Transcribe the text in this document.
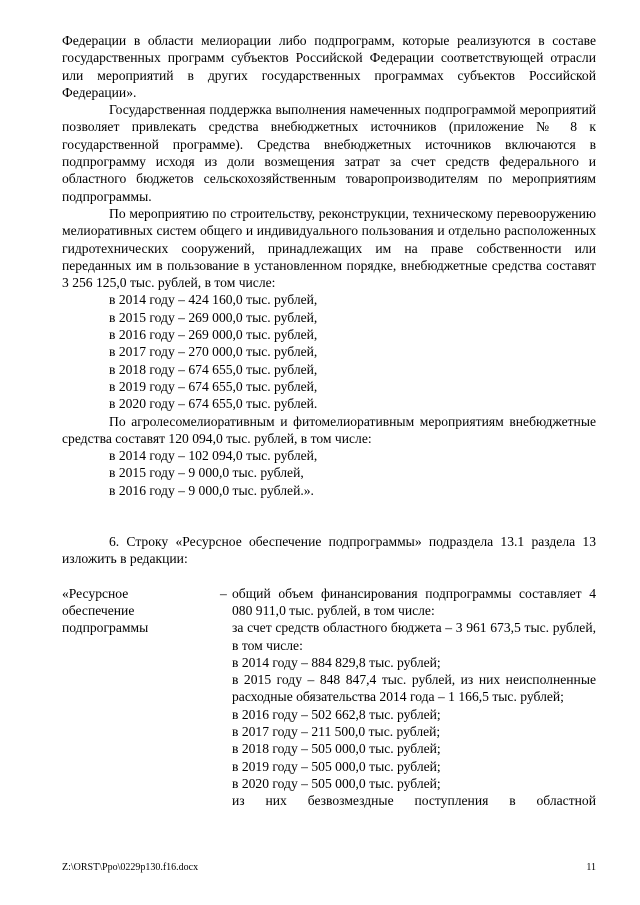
Федерации в области мелиорации либо подпрограмм, которые реализуются в составе государственных программ субъектов Российской Федерации соответствующей отрасли или мероприятий в других государственных программах субъектов Российской Федерации».

Государственная поддержка выполнения намеченных подпрограммой мероприятий позволяет привлекать средства внебюджетных источников (приложение № 8 к государственной программе). Средства внебюджетных источников включаются в подпрограмму исходя из доли возмещения затрат за счет средств федерального и областного бюджетов сельскохозяйственным товаропроизводителям по мероприятиям подпрограммы.

По мероприятию по строительству, реконструкции, техническому перевооружению мелиоративных систем общего и индивидуального пользования и отдельно расположенных гидротехнических сооружений, принадлежащих им на праве собственности или переданных им в пользование в установленном порядке, внебюджетные средства составят 3 256 125,0 тыс. рублей, в том числе:

в 2014 году – 424 160,0 тыс. рублей,

в 2015 году – 269 000,0 тыс. рублей,

в 2016 году – 269 000,0 тыс. рублей,

в 2017 году – 270 000,0 тыс. рублей,

в 2018 году – 674 655,0 тыс. рублей,

в 2019 году – 674 655,0 тыс. рублей,

в 2020 году – 674 655,0 тыс. рублей.

По агролесомелиоративным и фитомелиоративным мероприятиям внебюджетные средства составят 120 094,0 тыс. рублей, в том числе:

в 2014 году – 102 094,0 тыс. рублей,

в 2015 году – 9 000,0 тыс. рублей,

в 2016 году – 9 000,0 тыс. рублей.».

6. Строку «Ресурсное обеспечение подпрограммы» подраздела 13.1 раздела 13 изложить в редакции:

«Ресурсное
обеспечение
подпрограммы
– общий объем финансирования подпрограммы составляет 4 080 911,0 тыс. рублей, в том числе:

за счет средств областного бюджета – 3 961 673,5 тыс. рублей, в том числе:

в 2014 году – 884 829,8 тыс. рублей;

в 2015 году – 848 847,4 тыс. рублей, из них неисполненные расходные обязательства 2014 года – 1 166,5 тыс. рублей;

в 2016 году – 502 662,8 тыс. рублей;

в 2017 году – 211 500,0 тыс. рублей;

в 2018 году – 505 000,0 тыс. рублей;

в 2019 году – 505 000,0 тыс. рублей;

в 2020 году – 505 000,0 тыс. рублей;

из них безвозмездные поступления в областной

Z:\ORST\Ppo\0229p130.f16.docx	11
